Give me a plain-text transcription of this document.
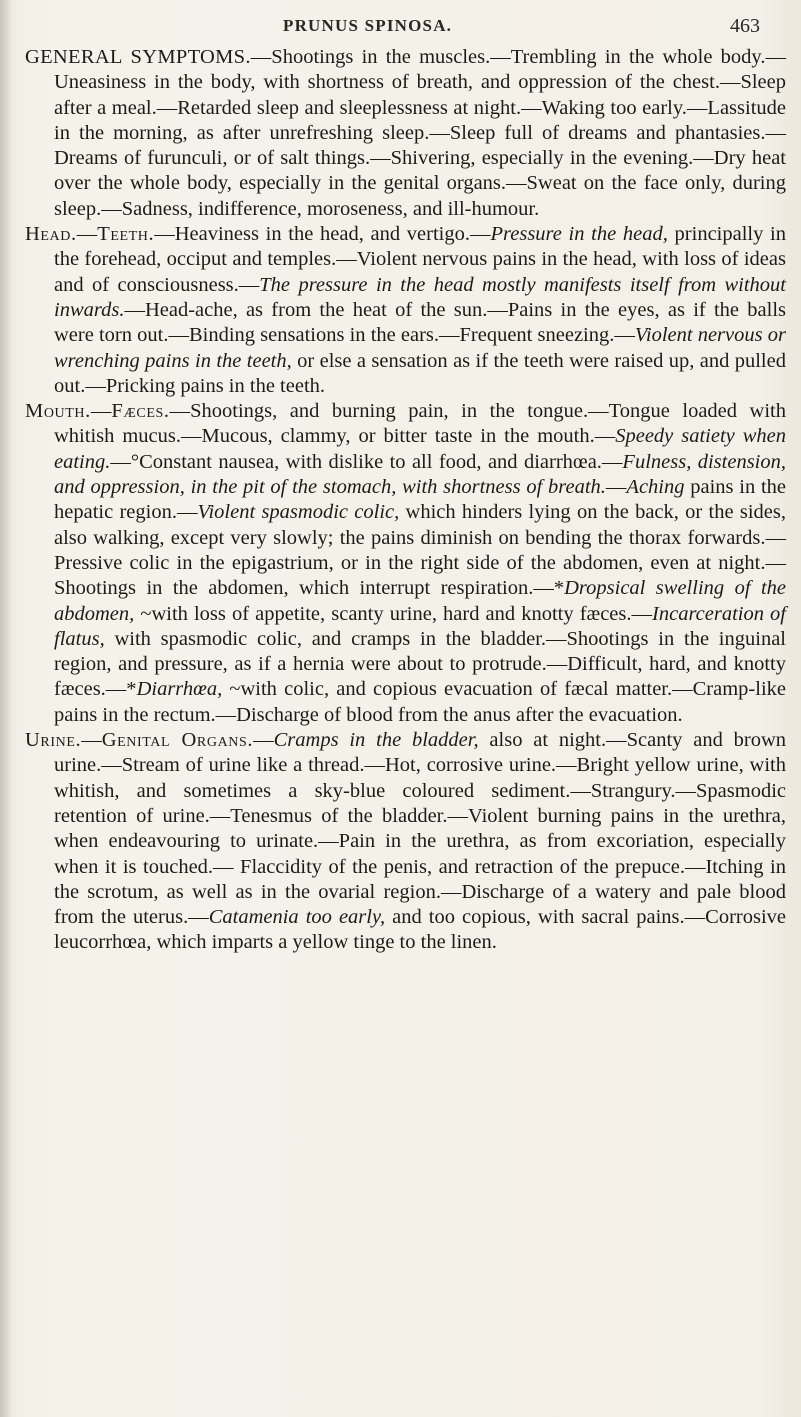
PRUNUS SPINOSA.	463

GENERAL SYMPTOMS.—Shootings in the muscles.—Trembling in the whole body.—Uneasiness in the body, with shortness of breath, and oppression of the chest.—Sleep after a meal.—Retarded sleep and sleeplessness at night.—Waking too early.—Lassitude in the morning, as after unrefreshing sleep.—Sleep full of dreams and phantasies.—Dreams of furunculi, or of salt things.—Shivering, especially in the evening.—Dry heat over the whole body, especially in the genital organs.—Sweat on the face only, during sleep.—Sadness, indifference, moroseness, and ill-humour.

Head.—Teeth.—Heaviness in the head, and vertigo.—Pressure in the head, principally in the forehead, occiput and temples.—Violent nervous pains in the head, with loss of ideas and of consciousness.—The pressure in the head mostly manifests itself from without inwards.—Head-ache, as from the heat of the sun.—Pains in the eyes, as if the balls were torn out.—Binding sensations in the ears.—Frequent sneezing.—Violent nervous or wrenching pains in the teeth, or else a sensation as if the teeth were raised up, and pulled out.—Pricking pains in the teeth.

Mouth.—Fæces.—Shootings, and burning pain, in the tongue.—Tongue loaded with whitish mucus.—Mucous, clammy, or bitter taste in the mouth.—Speedy satiety when eating.—°Constant nausea, with dislike to all food, and diarrhœa.—Fulness, distension, and oppression, in the pit of the stomach, with shortness of breath.—Aching pains in the hepatic region.—Violent spasmodic colic, which hinders lying on the back, or the sides, also walking, except very slowly; the pains diminish on bending the thorax forwards.— Pressive colic in the epigastrium, or in the right side of the abdomen, even at night.—Shootings in the abdomen, which interrupt respiration.—*Dropsical swelling of the abdomen, ~with loss of appetite, scanty urine, hard and knotty fæces.—Incarceration of flatus, with spasmodic colic, and cramps in the bladder.—Shootings in the inguinal region, and pressure, as if a hernia were about to protrude.—Difficult, hard, and knotty fæces.—*Diarrhœa, ~with colic, and copious evacuation of fæcal matter.—Cramp-like pains in the rectum.—Discharge of blood from the anus after the evacuation.

Urine.—Genital Organs.—Cramps in the bladder, also at night.—Scanty and brown urine.—Stream of urine like a thread.—Hot, corrosive urine.—Bright yellow urine, with whitish, and sometimes a sky-blue coloured sediment.—Strangury.—Spasmodic retention of urine.—Tenesmus of the bladder.—Violent burning pains in the urethra, when endeavouring to urinate.—Pain in the urethra, as from excoriation, especially when it is touched.— Flaccidity of the penis, and retraction of the prepuce.—Itching in the scrotum, as well as in the ovarial region.—Discharge of a watery and pale blood from the uterus.—Catamenia too early, and too copious, with sacral pains.—Corrosive leucorrhœa, which imparts a yellow tinge to the linen.
